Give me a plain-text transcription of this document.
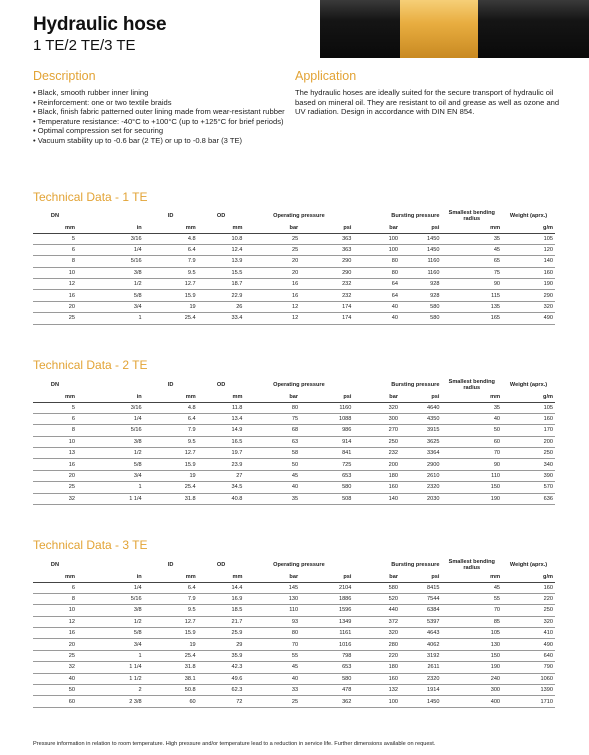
Hydraulic hose
1 TE/2 TE/3 TE
Description
• Black, smooth rubber inner lining
• Reinforcement: one or two textile braids
• Black, finish fabric patterned outer lining made from wear-resistant rubber
• Temperature resistance: -40°C to +100°C (up to +125°C for brief periods)
• Optimal compression set for securing
• Vacuum stability up to -0.6 bar (2 TE) or up to -0.8 bar (3 TE)
Application
The hydraulic hoses are ideally suited for the secure transport of hydraulic oil based on mineral oil. They are resistant to oil and grease as well as ozone and UV radiation. Design in accordance with DIN EN 854.
Technical Data - 1 TE
DN		ID	OD	Operating pressure		Bursting pressure		Smallest bending radius	Weight (aprx.)
mm	in	mm	mm	bar	psi	bar	psi	mm	g/m
5	3/16	4.8	10.8	25	363	100	1450	35	105
6	1/4	6.4	12.4	25	363	100	1450	45	120
8	5/16	7.9	13.9	20	290	80	1160	65	140
10	3/8	9.5	15.5	20	290	80	1160	75	160
12	1/2	12.7	18.7	16	232	64	928	90	190
16	5/8	15.9	22.9	16	232	64	928	115	290
20	3/4	19	26	12	174	40	580	135	320
25	1	25.4	33.4	12	174	40	580	165	490
Technical Data - 2 TE
DN		ID	OD	Operating pressure		Bursting pressure		Smallest bending radius	Weight (aprx.)
mm	in	mm	mm	bar	psi	bar	psi	mm	g/m
5	3/16	4.8	11.8	80	1160	320	4640	35	105
6	1/4	6.4	13.4	75	1088	300	4350	40	160
8	5/16	7.9	14.9	68	986	270	3915	50	170
10	3/8	9.5	16.5	63	914	250	3625	60	200
13	1/2	12.7	19.7	58	841	232	3364	70	250
16	5/8	15.9	23.9	50	725	200	2900	90	340
20	3/4	19	27	45	653	180	2610	110	390
25	1	25.4	34.5	40	580	160	2320	150	570
32	1 1/4	31.8	40.8	35	508	140	2030	190	636
Technical Data - 3 TE
DN		ID	OD	Operating pressure		Bursting pressure		Smallest bending radius	Weight (aprx.)
mm	in	mm	mm	bar	psi	bar	psi	mm	g/m
6	1/4	6.4	14.4	145	2104	580	8415	45	160
8	5/16	7.9	16.9	130	1886	520	7544	55	220
10	3/8	9.5	18.5	110	1596	440	6384	70	250
12	1/2	12.7	21.7	93	1349	372	5397	85	320
16	5/8	15.9	25.9	80	1161	320	4643	105	410
20	3/4	19	29	70	1016	280	4062	130	490
25	1	25.4	35.9	55	798	220	3192	150	640
32	1 1/4	31.8	42.3	45	653	180	2611	190	790
40	1 1/2	38.1	49.6	40	580	160	2320	240	1060
50	2	50.8	62.3	33	478	132	1914	300	1390
60	2 3/8	60	72	25	362	100	1450	400	1710
Pressure information in relation to room temperature. High pressure and/or temperature lead to a reduction in service life. Further dimensions available on request.
